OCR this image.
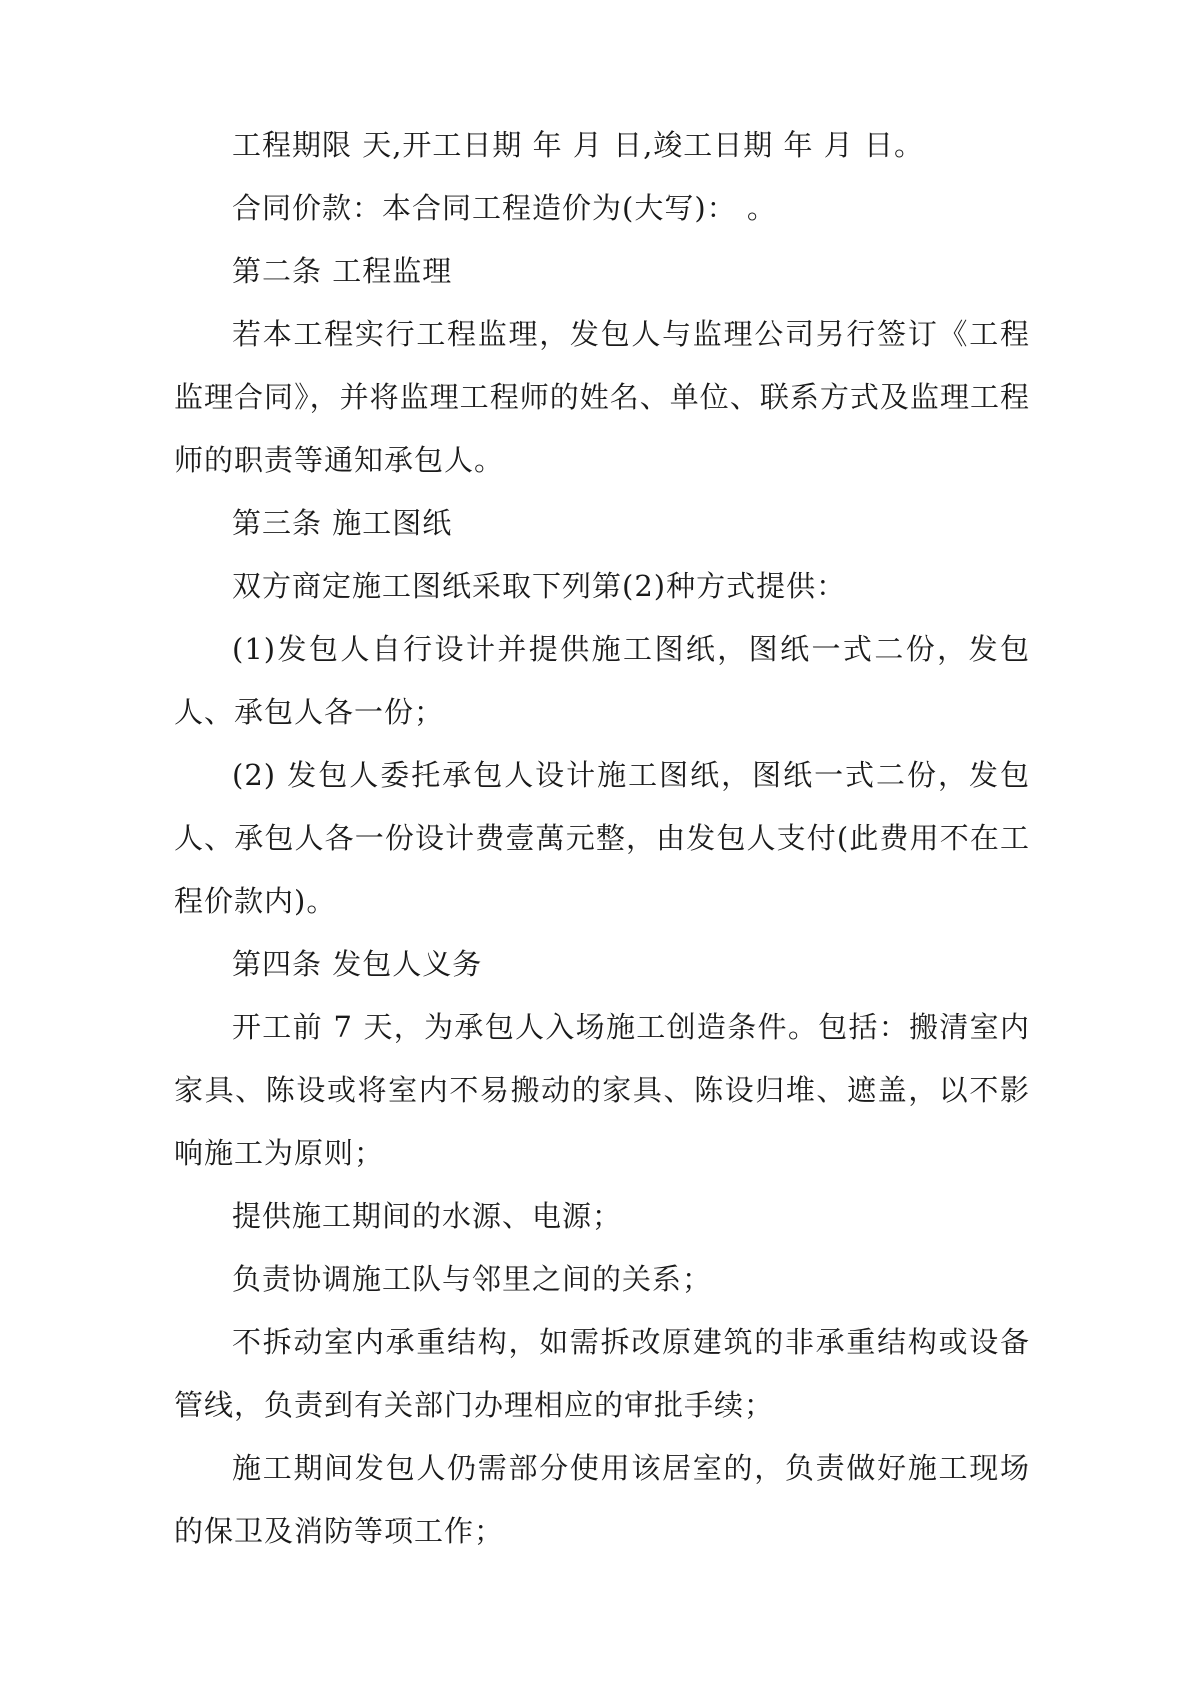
工程期限 天,开工日期 年 月 日,竣工日期 年 月 日。

合同价款：本合同工程造价为(大写)： 。

第二条 工程监理

若本工程实行工程监理，发包人与监理公司另行签订《工程监理合同》，并将监理工程师的姓名、单位、联系方式及监理工程师的职责等通知承包人。

第三条 施工图纸

双方商定施工图纸采取下列第(2)种方式提供：

(1)发包人自行设计并提供施工图纸，图纸一式二份，发包人、承包人各一份；

(2) 发包人委托承包人设计施工图纸，图纸一式二份，发包人、承包人各一份设计费壹萬元整，由发包人支付(此费用不在工程价款内)。

第四条 发包人义务

开工前 7 天，为承包人入场施工创造条件。包括：搬清室内家具、陈设或将室内不易搬动的家具、陈设归堆、遮盖，以不影响施工为原则；

提供施工期间的水源、电源；

负责协调施工队与邻里之间的关系；

不拆动室内承重结构，如需拆改原建筑的非承重结构或设备管线，负责到有关部门办理相应的审批手续；

施工期间发包人仍需部分使用该居室的，负责做好施工现场的保卫及消防等项工作；
